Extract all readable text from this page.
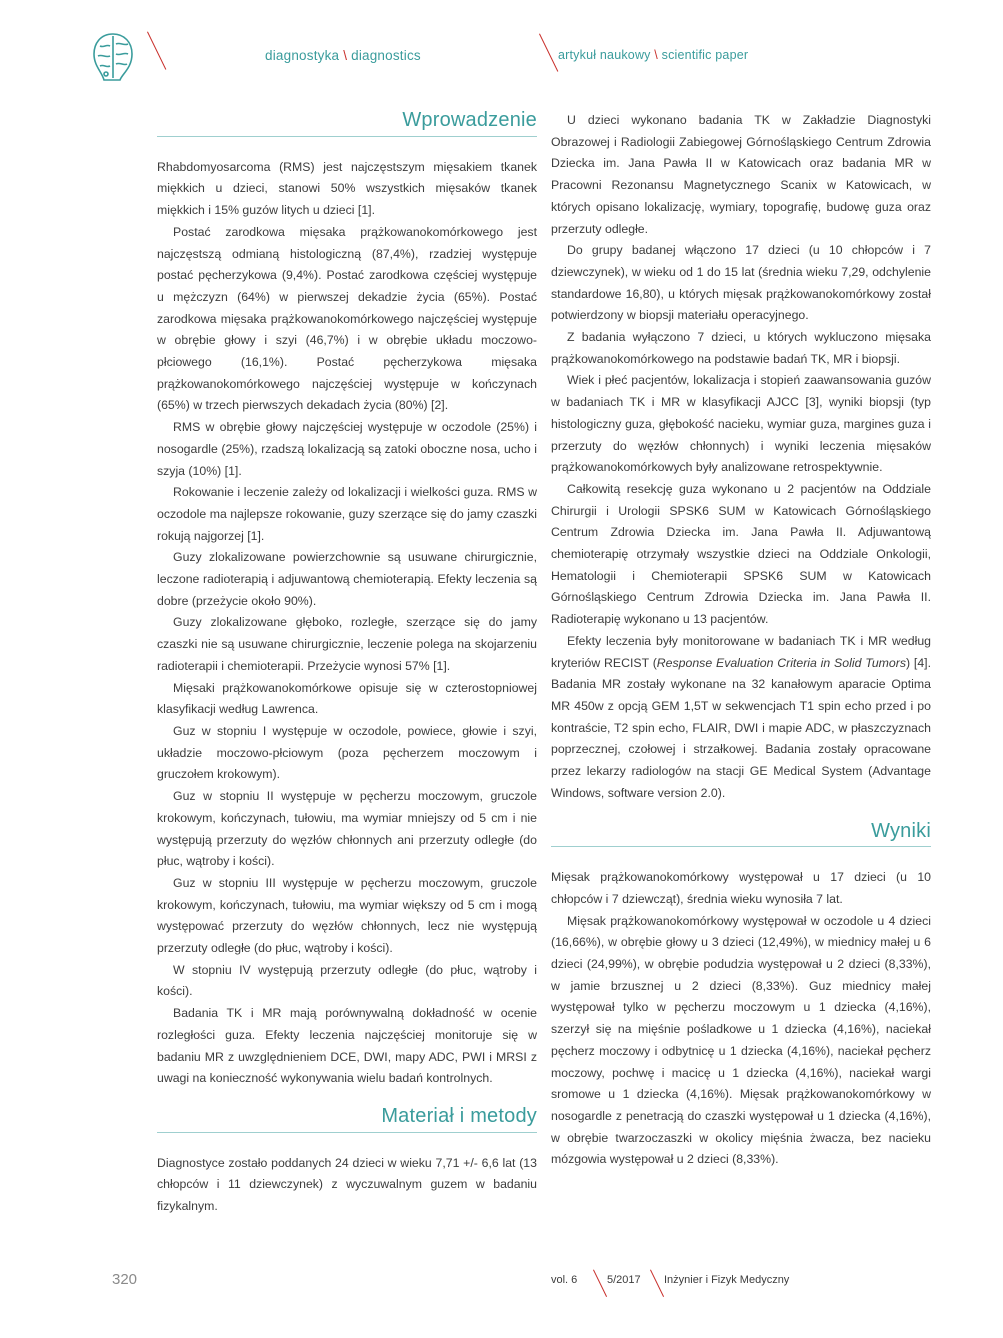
diagnostyka \ diagnostics	artykuł naukowy \ scientific paper
Wprowadzenie

Rhabdomyosarcoma (RMS) jest najczęstszym mięsakiem tkanek miękkich u dzieci, stanowi 50% wszystkich mięsaków tkanek miękkich i 15% guzów litych u dzieci [1].

Postać zarodkowa mięsaka prążkowanokomórkowego jest najczęstszą odmianą histologiczną (87,4%), rzadziej występuje postać pęcherzykowa (9,4%). Postać zarodkowa częściej występuje u mężczyzn (64%) w pierwszej dekadzie życia (65%). Postać zarodkowa mięsaka prążkowanokomórkowego najczęściej występuje w obrębie głowy i szyi (46,7%) i w obrębie układu moczowo-płciowego (16,1%). Postać pęcherzykowa mięsaka prążkowanokomórkowego najczęściej występuje w kończynach (65%) w trzech pierwszych dekadach życia (80%) [2].

RMS w obrębie głowy najczęściej występuje w oczodole (25%) i nosogardle (25%), rzadszą lokalizacją są zatoki oboczne nosa, ucho i szyja (10%) [1].

Rokowanie i leczenie zależy od lokalizacji i wielkości guza. RMS w oczodole ma najlepsze rokowanie, guzy szerzące się do jamy czaszki rokują najgorzej [1].

Guzy zlokalizowane powierzchownie są usuwane chirurgicznie, leczone radioterapią i adjuwantową chemioterapią. Efekty leczenia są dobre (przeżycie około 90%).

Guzy zlokalizowane głęboko, rozległe, szerzące się do jamy czaszki nie są usuwane chirurgicznie, leczenie polega na skojarzeniu radioterapii i chemioterapii. Przeżycie wynosi 57% [1].

Mięsaki prążkowanokomórkowe opisuje się w czterostopniowej klasyfikacji według Lawrenca.

Guz w stopniu I występuje w oczodole, powiece, głowie i szyi, układzie moczowo-płciowym (poza pęcherzem moczowym i gruczołem krokowym).

Guz w stopniu II występuje w pęcherzu moczowym, gruczole krokowym, kończynach, tułowiu, ma wymiar mniejszy od 5 cm i nie występują przerzuty do węzłów chłonnych ani przerzuty odległe (do płuc, wątroby i kości).

Guz w stopniu III występuje w pęcherzu moczowym, gruczole krokowym, kończynach, tułowiu, ma wymiar większy od 5 cm i mogą występować przerzuty do węzłów chłonnych, lecz nie występują przerzuty odległe (do płuc, wątroby i kości).

W stopniu IV występują przerzuty odległe (do płuc, wątroby i kości).

Badania TK i MR mają porównywalną dokładność w ocenie rozległości guza. Efekty leczenia najczęściej monitoruje się w badaniu MR z uwzględnieniem DCE, DWI, mapy ADC, PWI i MRSI z uwagi na konieczność wykonywania wielu badań kontrolnych.

Materiał i metody

Diagnostyce zostało poddanych 24 dzieci w wieku 7,71 +/- 6,6 lat (13 chłopców i 11 dziewczynek) z wyczuwalnym guzem w badaniu fizykalnym.

U dzieci wykonano badania TK w Zakładzie Diagnostyki Obrazowej i Radiologii Zabiegowej Górnośląskiego Centrum Zdrowia Dziecka im. Jana Pawła II w Katowicach oraz badania MR w Pracowni Rezonansu Magnetycznego Scanix w Katowicach, w których opisano lokalizację, wymiary, topografię, budowę guza oraz przerzuty odległe.

Do grupy badanej włączono 17 dzieci (u 10 chłopców i 7 dziewczynek), w wieku od 1 do 15 lat (średnia wieku 7,29, odchylenie standardowe 16,80), u których mięsak prążkowanokomórkowy został potwierdzony w biopsji materiału operacyjnego.

Z badania wyłączono 7 dzieci, u których wykluczono mięsaka prążkowanokomórkowego na podstawie badań TK, MR i biopsji.

Wiek i płeć pacjentów, lokalizacja i stopień zaawansowania guzów w badaniach TK i MR w klasyfikacji AJCC [3], wyniki biopsji (typ histologiczny guza, głębokość nacieku, wymiar guza, margines guza i przerzuty do węzłów chłonnych) i wyniki leczenia mięsaków prążkowanokomórkowych były analizowane retrospektywnie.

Całkowitą resekcję guza wykonano u 2 pacjentów na Oddziale Chirurgii i Urologii SPSK6 SUM w Katowicach Górnośląskiego Centrum Zdrowia Dziecka im. Jana Pawła II. Adjuwantową chemioterapię otrzymały wszystkie dzieci na Oddziale Onkologii, Hematologii i Chemioterapii SPSK6 SUM w Katowicach Górnośląskiego Centrum Zdrowia Dziecka im. Jana Pawła II. Radioterapię wykonano u 13 pacjentów.

Efekty leczenia były monitorowane w badaniach TK i MR według kryteriów RECIST (Response Evaluation Criteria in Solid Tumors) [4]. Badania MR zostały wykonane na 32 kanałowym aparacie Optima MR 450w z opcją GEM 1,5T w sekwencjach T1 spin echo przed i po kontraście, T2 spin echo, FLAIR, DWI i mapie ADC, w płaszczyznach poprzecznej, czołowej i strzałkowej. Badania zostały opracowane przez lekarzy radiologów na stacji GE Medical System (Advantage Windows, software version 2.0).

Wyniki

Mięsak prążkowanokomórkowy występował u 17 dzieci (u 10 chłopców i 7 dziewcząt), średnia wieku wynosiła 7 lat.

Mięsak prążkowanokomórkowy występował w oczodole u 4 dzieci (16,66%), w obrębie głowy u 3 dzieci (12,49%), w miednicy małej u 6 dzieci (24,99%), w obrębie podudzia występował u 2 dzieci (8,33%), w jamie brzusznej u 2 dzieci (8,33%). Guz miednicy małej występował tylko w pęcherzu moczowym u 1 dziecka (4,16%), szerzył się na mięśnie pośladkowe u 1 dziecka (4,16%), naciekał pęcherz moczowy i odbytnicę u 1 dziecka (4,16%), naciekał pęcherz moczowy, pochwę i macicę u 1 dziecka (4,16%), naciekał wargi sromowe u 1 dziecka (4,16%). Mięsak prążkowanokomórkowy w nosogardle z penetracją do czaszki występował u 1 dziecka (4,16%), w obrębie twarzoczaszki w okolicy mięśnia żwacza, bez nacieku mózgowia występował u 2 dzieci (8,33%).

320	vol. 6	5/2017 Inżynier i Fizyk Medyczny
